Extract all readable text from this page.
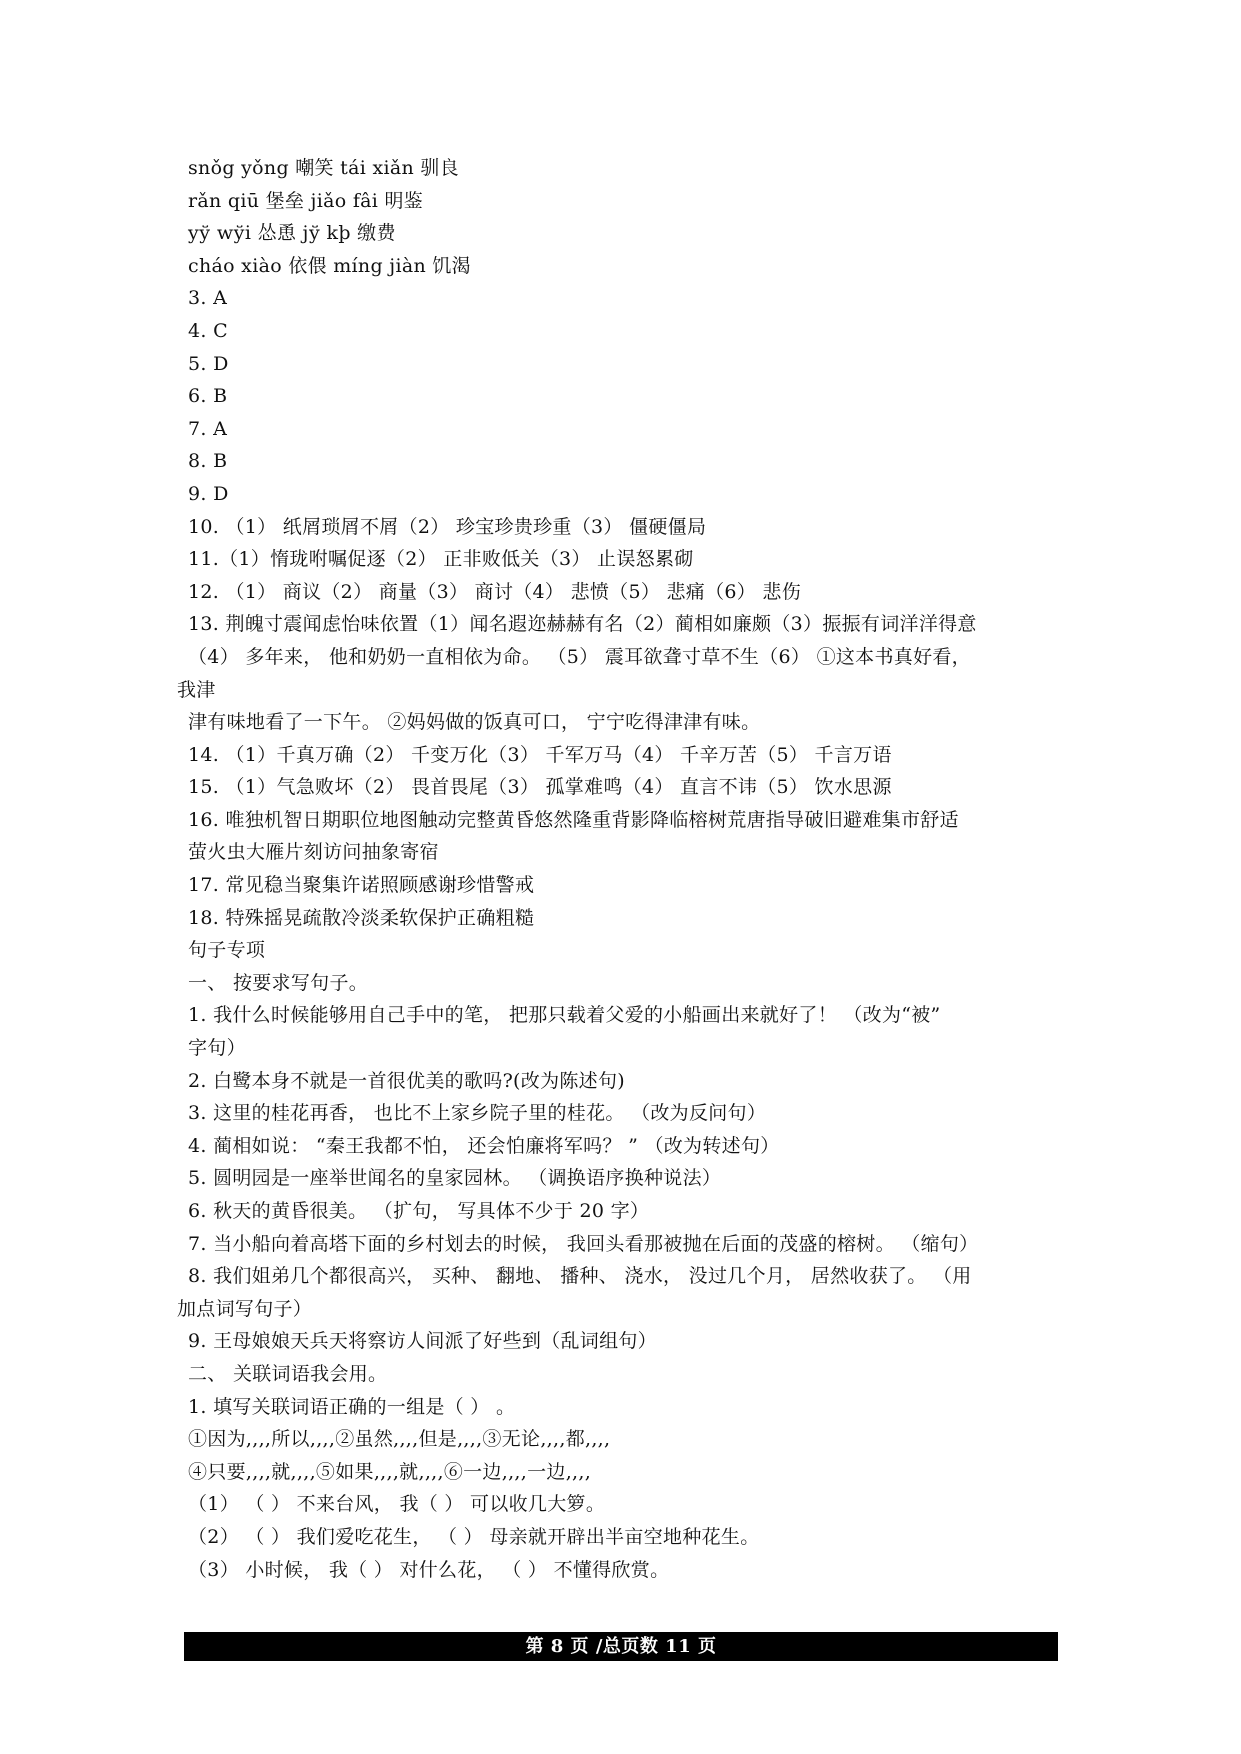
snǒg yǒng 嘲笑 tái xiǎn 驯良
rǎn qiū 堡垒 jiǎo fâi 明鉴
yў wўi 怂恿 jў kþ 缴费
cháo xiào 依偎 míng jiàn 饥渴
3. A
4. C
5. D
6. B
7. A
8. B
9. D
10. （1） 纸屑琐屑不屑（2） 珍宝珍贵珍重（3） 僵硬僵局
11.（1）惰珑咐嘱促逐（2） 正非败低关（3） 止误怒累砌
12. （1） 商议（2） 商量（3） 商讨（4） 悲愤（5） 悲痛（6） 悲伤
13. 荆魄寸震闻虑怡味依置（1）闻名遐迩赫赫有名（2）蔺相如廉颇（3）振振有词洋洋得意
（4） 多年来， 他和奶奶一直相依为命。 （5） 震耳欲聋寸草不生（6） ①这本书真好看，
我津
津有味地看了一下午。 ②妈妈做的饭真可口， 宁宁吃得津津有味。
14. （1）千真万确（2） 千变万化（3） 千军万马（4） 千辛万苦（5） 千言万语
15. （1）气急败坏（2） 畏首畏尾（3） 孤掌难鸣（4） 直言不讳（5） 饮水思源
16. 唯独机智日期职位地图触动完整黄昏悠然隆重背影降临榕树荒唐指导破旧避难集市舒适
萤火虫大雁片刻访问抽象寄宿
17. 常见稳当聚集许诺照顾感谢珍惜警戒
18. 特殊摇晃疏散冷淡柔软保护正确粗糙
句子专项
一、 按要求写句子。
1. 我什么时候能够用自己手中的笔， 把那只载着父爱的小船画出来就好了！ （改为“被”
字句）
2. 白鹭本身不就是一首很优美的歌吗?(改为陈述句)
3. 这里的桂花再香， 也比不上家乡院子里的桂花。 （改为反问句）
4. 蔺相如说： “秦王我都不怕， 还会怕廉将军吗？ ” （改为转述句）
5. 圆明园是一座举世闻名的皇家园林。 （调换语序换种说法）
6. 秋天的黄昏很美。 （扩句， 写具体不少于 20 字）
7. 当小船向着高塔下面的乡村划去的时候， 我回头看那被抛在后面的茂盛的榕树。 （缩句）
8. 我们姐弟几个都很高兴， 买种、 翻地、 播种、 浇水， 没过几个月， 居然收获了。 （用
加点词写句子）
9. 王母娘娘天兵天将察访人间派了好些到（乱词组句）
二、 关联词语我会用。
1. 填写关联词语正确的一组是（ ） 。
①因为,,,,所以,,,,②虽然,,,,但是,,,,③无论,,,,都,,,,
④只要,,,,就,,,,⑤如果,,,,就,,,,⑥一边,,,,一边,,,,
（1） （ ） 不来台风， 我（ ） 可以收几大箩。
（2） （ ） 我们爱吃花生， （ ） 母亲就开辟出半亩空地种花生。
（3） 小时候， 我（ ） 对什么花， （ ） 不懂得欣赏。
第 8 页 /总页数 11 页
